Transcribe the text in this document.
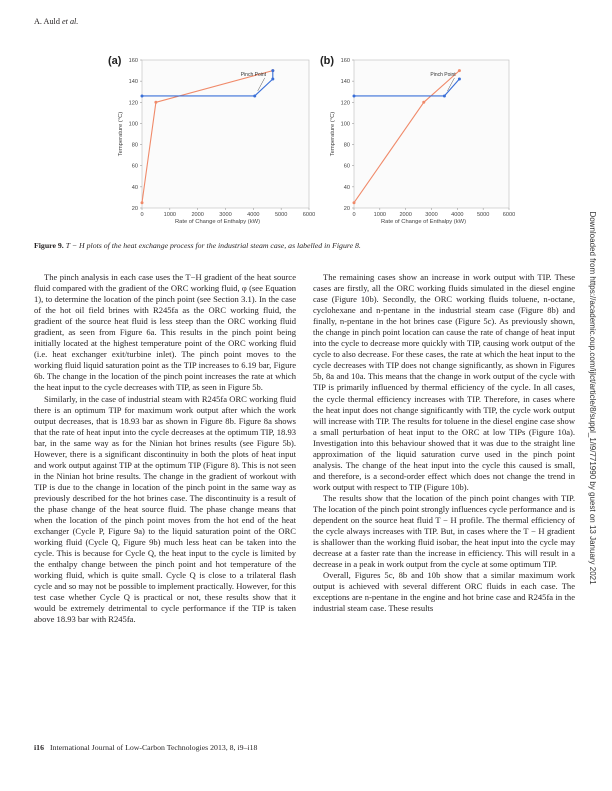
A. Auld et al.
20
40
60
80
100
120
140
160
0	1000	2000	3000	4000	5000	6000
Rate of Change of Enthalpy (kW)
Temperature (°C)
(a)
Pinch Point
20
40
60
80
100
120
140
160
0	1000 2000 3000 4000 5000 6000
Rate of Change of Enthalpy (kW)
Temperature (°C)
(b)
Pinch Point
Figure 9. T − H plots of the heat exchange process for the industrial steam case, as labelled in Figure 8.

The pinch analysis in each case uses the T−H gradient of the heat source fluid compared with the gradient of the ORC working fluid, φ (see Equation 1), to determine the location of the pinch point (see Section 3.1). In the case of the hot oil field brines with R245fa as the ORC working fluid, the gradient of the source heat fluid is less steep than the ORC working fluid gradient, as seen from Figure 6a. This results in the pinch point being initially located at the highest temperature point of the ORC working fluid (i.e. heat exchanger exit/turbine inlet). The pinch point moves to the working fluid liquid saturation point as the TIP increases to 6.19 bar, Figure 6b. The change in the location of the pinch point increases the rate at which the heat input to the cycle decreases with TIP, as seen in Figure 5b.

Similarly, in the case of industrial steam with R245fa ORC working fluid there is an optimum TIP for maximum work output after which the work output decreases, that is 18.93 bar as shown in Figure 8b. Figure 8a shows that the rate of heat input into the cycle decreases at the optimum TIP, 18.93 bar, in the same way as for the Ninian hot brines results (see Figure 5b). However, there is a significant discontinuity in both the plots of heat input and work output against TIP at the optimum TIP (Figure 8). This is not seen in the Ninian hot brine results. The change in the gradient of workout with TIP is due to the change in location of the pinch point in the same way as previously described for the hot brines case. The discontinuity is a result of the phase change of the heat source fluid. The phase change means that when the location of the pinch point moves from the hot end of the heat exchanger (Cycle P, Figure 9a) to the liquid saturation point of the ORC working fluid (Cycle Q, Figure 9b) much less heat can be taken into the cycle. This is because for Cycle Q, the heat input to the cycle is limited by the enthalpy change between the pinch point and hot temperature of the working fluid, which is quite small. Cycle Q is close to a trilateral flash cycle and so may not be possible to implement practically. However, for this test case whether Cycle Q is practical or not, these results show that it would be extremely detrimental to cycle performance if the TIP is taken above 18.93 bar with R245fa.

The remaining cases show an increase in work output with TIP. These cases are firstly, all the ORC working fluids simulated in the diesel engine case (Figure 10b). Secondly, the ORC working fluids toluene, n-octane, cyclohexane and n-pentane in the industrial steam case (Figure 8b) and finally, n-pentane in the hot brines case (Figure 5c). As previously shown, the change in pinch point location can cause the rate of change of heat input into the cycle to decrease more quickly with TIP, causing work output of the cycle to also decrease. For these cases, the rate at which the heat input to the cycle decreases with TIP does not change significantly, as shown in Figures 5b, 8a and 10a. This means that the change in work output of the cycle with TIP is primarily influenced by thermal efficiency of the cycle. In all cases, the cycle thermal efficiency increases with TIP. Therefore, in cases where the heat input does not change significantly with TIP, the cycle work output will increase with TIP. The results for toluene in the diesel engine case show a small perturbation of heat input to the ORC at low TIPs (Figure 10a). Investigation into this behaviour showed that it was due to the straight line approximation of the liquid saturation curve used in the pinch point analysis. The change of the heat input into the cycle this caused is small, and therefore, is a second-order effect which does not change the trend in work output with respect to TIP (Figure 10b).

The results show that the location of the pinch point changes with TIP. The location of the pinch point strongly influences cycle performance and is dependent on the source heat fluid T − H profile. The thermal efficiency of the cycle always increases with TIP. But, in cases where the T − H gradient is shallower than the working fluid isobar, the heat input into the cycle may decrease at a faster rate than the increase in efficiency. This will result in a decrease in a peak in work output from the cycle at some optimum TIP.

Overall, Figures 5c, 8b and 10b show that a similar maximum work output is achieved with several different ORC fluids in each case. The exceptions are n-pentane in the engine and hot brine case and R245fa in the industrial steam case. These results

i16 International Journal of Low-Carbon Technologies 2013, 8, i9–i18
Downloaded from https://academic.oup.com/ijlct/article/8/suppl_1/i9/771990 by guest on 13 January 2021
